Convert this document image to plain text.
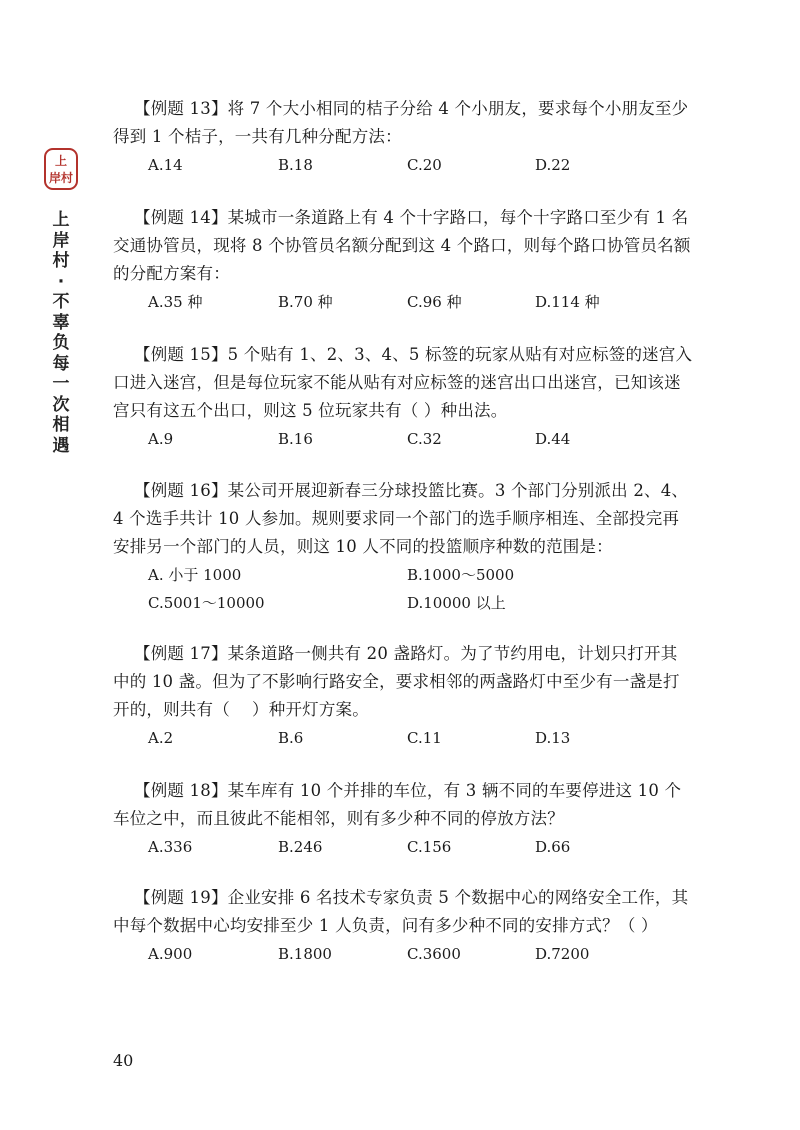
上
岸村
上
岸
村
·
不
辜
负
每
一
次
相
遇

【例题 13】将 7 个大小相同的桔子分给 4 个小朋友，要求每个小朋友至少得到 1 个桔子，一共有几种分配方法：

A.14	B.18	C.20	D.22

【例题 14】某城市一条道路上有 4 个十字路口，每个十字路口至少有 1 名交通协管员，现将 8 个协管员名额分配到这 4 个路口，则每个路口协管员名额的分配方案有：

A.35 种	B.70 种	C.96 种	D.114 种

【例题 15】5 个贴有 1、2、3、4、5 标签的玩家从贴有对应标签的迷宫入口进入迷宫，但是每位玩家不能从贴有对应标签的迷宫出口出迷宫，已知该迷宫只有这五个出口，则这 5 位玩家共有（ ）种出法。

A.9	B.16	C.32	D.44

【例题 16】某公司开展迎新春三分球投篮比赛。3 个部门分别派出 2、4、4 个选手共计 10 人参加。规则要求同一个部门的选手顺序相连、全部投完再安排另一个部门的人员，则这 10 人不同的投篮顺序种数的范围是：

A. 小于 1000	B.1000～5000
C.5001～10000	D.10000 以上

【例题 17】某条道路一侧共有 20 盏路灯。为了节约用电，计划只打开其中的 10 盏。但为了不影响行路安全，要求相邻的两盏路灯中至少有一盏是打开的，则共有（　 ）种开灯方案。

A.2	B.6	C.11	D.13

【例题 18】某车库有 10 个并排的车位，有 3 辆不同的车要停进这 10 个车位之中，而且彼此不能相邻，则有多少种不同的停放方法？

A.336	B.246	C.156	D.66

【例题 19】企业安排 6 名技术专家负责 5 个数据中心的网络安全工作，其中每个数据中心均安排至少 1 人负责，问有多少种不同的安排方式？（ ）

A.900	B.1800	C.3600	D.7200
40
